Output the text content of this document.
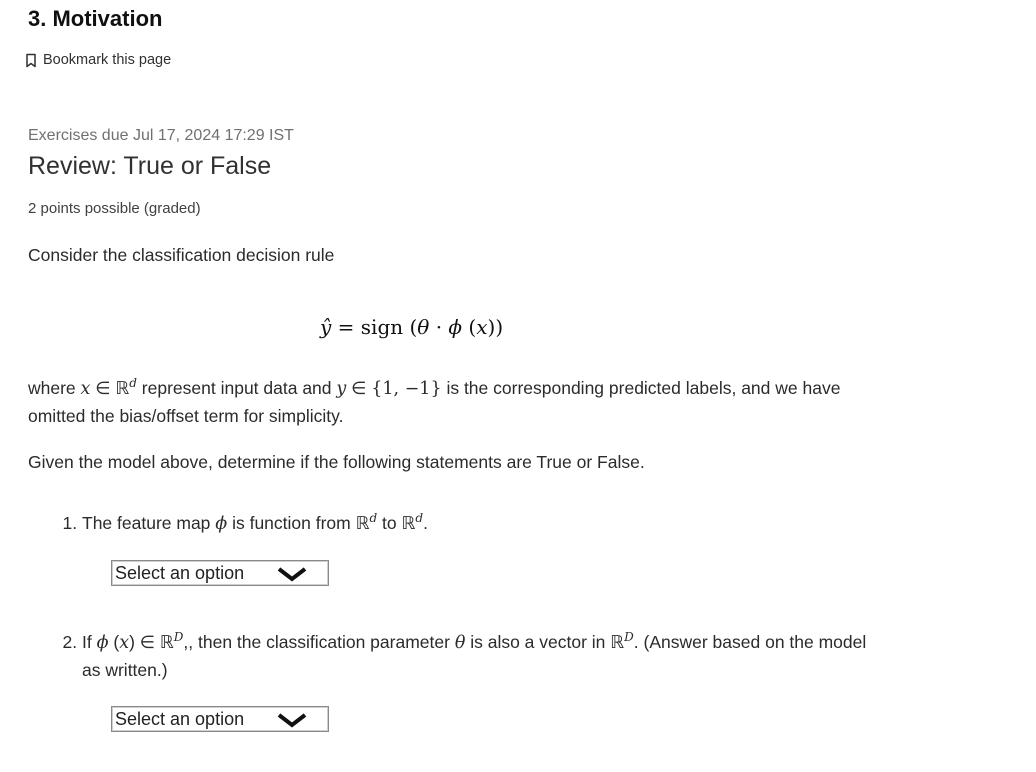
3. Motivation
Bookmark this page
Exercises due Jul 17, 2024 17:29 IST
Review: True or False
2 points possible (graded)

Consider the classification decision rule

ŷ = sign (θ · ϕ (x))

where x ∈ ℝ$^d$ represent input data and y ∈ {1, −1} is the corresponding predicted labels, and we have
omitted the bias/offset term for simplicity.

Given the model above, determine if the following statements are True or False.

1. The feature map ϕ is function from ℝ$^d$ to ℝ$^d$.
Select an option
2. If ϕ (x) ∈ ℝ$^D$,, then the classification parameter θ is also a vector in ℝ$^D$. (Answer based on the model
as written.)
Select an option
